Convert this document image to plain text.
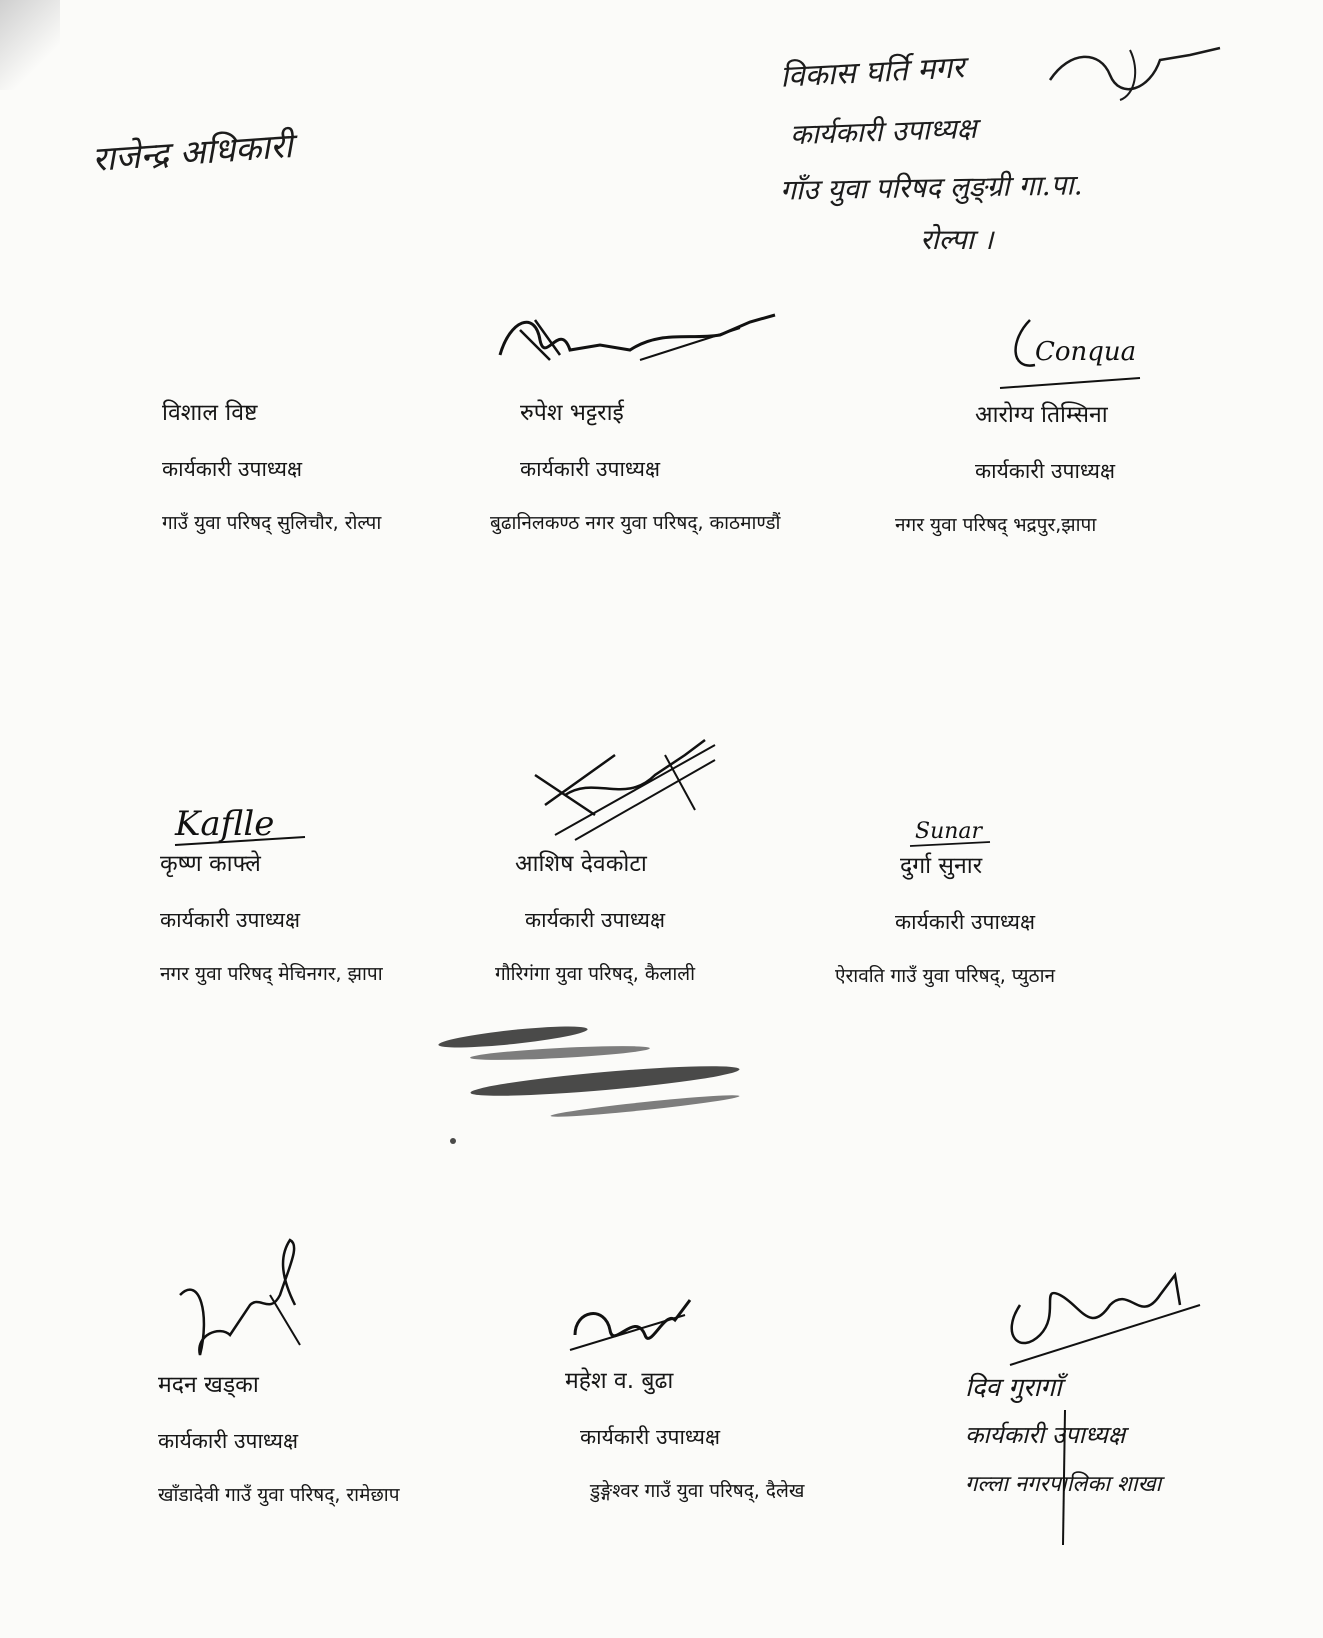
राजेन्द्र अधिकारी
विकास घर्ति मगर
कार्यकारी उपाध्यक्ष
गाँउ युवा परिषद लुङ्ग्री गा.पा.
रोल्पा ।
Conqua
Kaflle	Sunar
विशाल विष्ट
कार्यकारी उपाध्यक्ष
गाउँ युवा परिषद् सुलिचौर, रोल्पा
रुपेश भट्टराई
कार्यकारी उपाध्यक्ष
बुढानिलकण्ठ नगर युवा परिषद्, काठमाण्डौं
आरोग्य तिम्सिना
कार्यकारी उपाध्यक्ष
नगर युवा परिषद् भद्रपुर,झापा
कृष्ण काफ्ले
कार्यकारी उपाध्यक्ष
नगर युवा परिषद् मेचिनगर, झापा
आशिष देवकोटा
कार्यकारी उपाध्यक्ष
गौरिगंगा युवा परिषद्, कैलाली
दुर्गा सुनार
कार्यकारी उपाध्यक्ष
ऐरावति गाउँ युवा परिषद्, प्युठान
मदन खड्का
कार्यकारी उपाध्यक्ष
खाँडादेवी गाउँ युवा परिषद्, रामेछाप
महेश व. बुढा
कार्यकारी उपाध्यक्ष
डुङ्गेश्वर गाउँ युवा परिषद्, दैलेख
दिव गुरागाँ
कार्यकारी उपाध्यक्ष
गल्ला नगरपालिका शाखा
